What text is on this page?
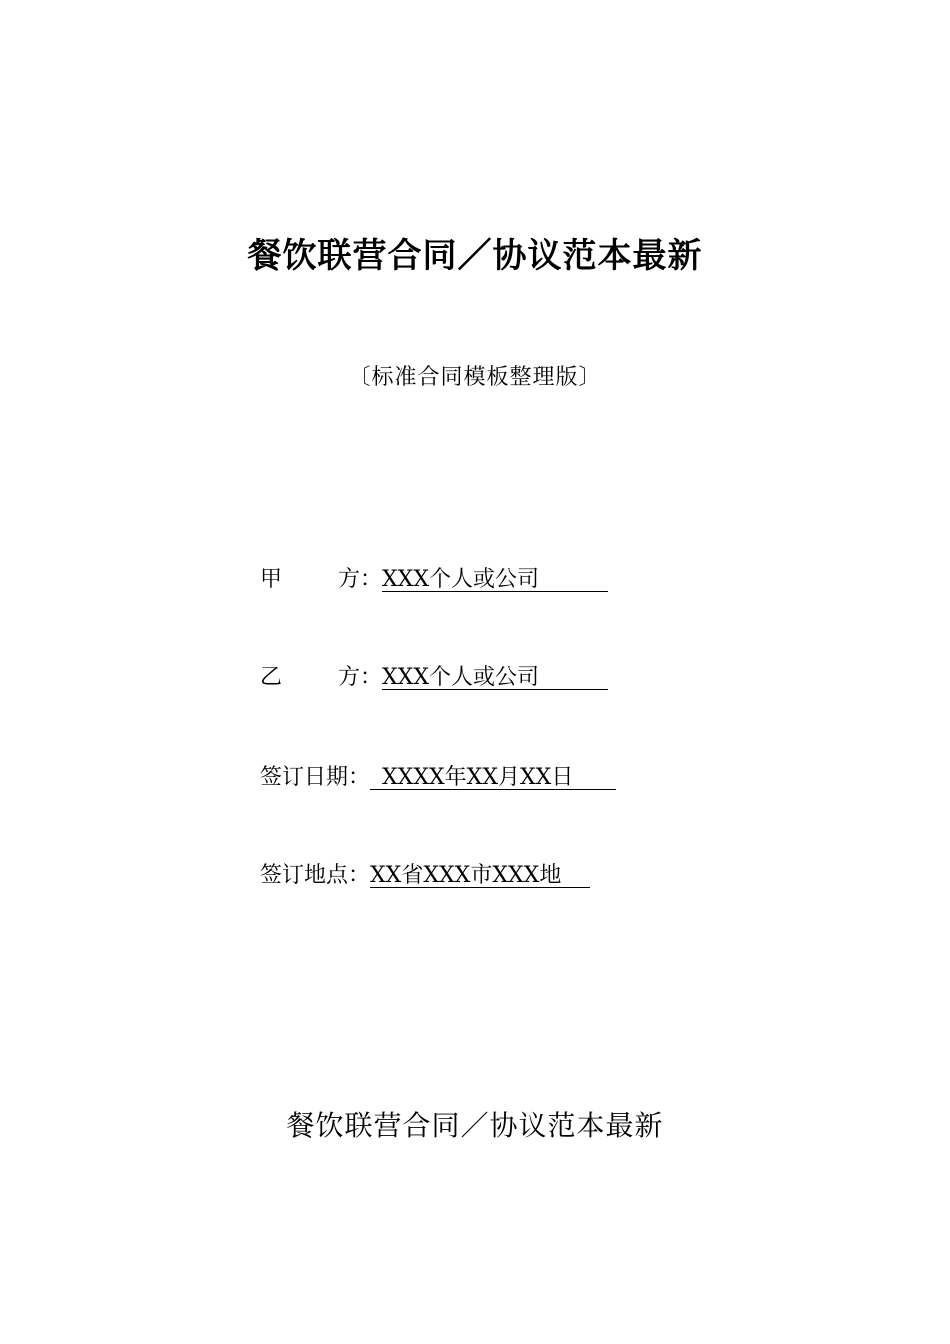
餐饮联营合同／协议范本最新
〔标准合同模板整理版〕
甲	方： XXX个人或公司
乙	方： XXX个人或公司
签订日期： XXXX年XX月XX日
签订地点： XX省XXX市XXX地
餐饮联营合同／协议范本最新
